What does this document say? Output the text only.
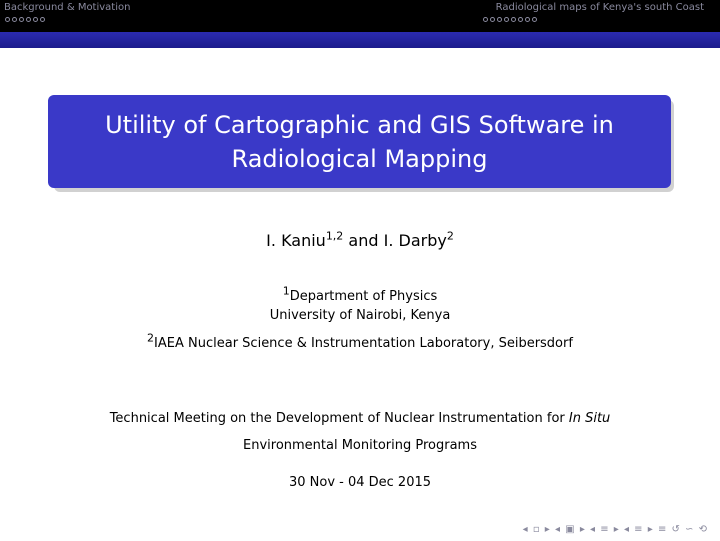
Background & Motivation	Radiological maps of Kenya's south Coast
Utility of Cartographic and GIS Software in
Radiological Mapping
I. Kaniu$^{1,2}$ and I. Darby$^2$
$^1$Department of Physics
University of Nairobi, Kenya
$^2$IAEA Nuclear Science & Instrumentation Laboratory, Seibersdorf
Technical Meeting on the Development of Nuclear Instrumentation for In Situ
Environmental Monitoring Programs
30 Nov - 04 Dec 2015
◂ ▫ ▸ ◂ ▣ ▸ ◂ ≡ ▸ ◂ ≡ ▸ ≡ ↺ ∽ ⟲
